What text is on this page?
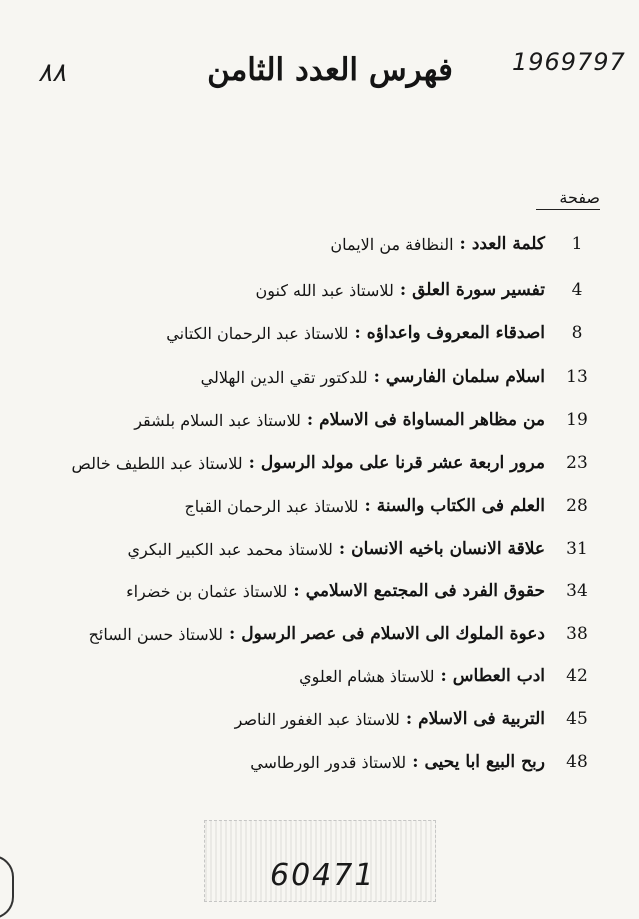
٨٨	1969 797
فهرس العدد الثامن
صفحة
1
كلمة العدد
:
النظافة من الايمان
4
تفسير سورة العلق
:
للاستاذ عبد الله كنون
8
اصدقاء المعروف واعداؤه
:
للاستاذ عبد الرحمان الكتاني
13
اسلام سلمان الفارسي
:
للدكتور تقي الدين الهلالي
19
من مظاهر المساواة فى الاسلام
:
للاستاذ عبد السلام بلشقر
23
مرور اربعة عشر قرنا على مولد الرسول
:
للاستاذ عبد اللطيف خالص
28
العلم فى الكتاب والسنة
:
للاستاذ عبد الرحمان القباج
31
علاقة الانسان باخيه الانسان
:
للاستاذ محمد عبد الكبير البكري
34
حقوق الفرد فى المجتمع الاسلامي
:
للاستاذ عثمان بن خضراء
38
دعوة الملوك الى الاسلام فى عصر الرسول
:
للاستاذ حسن السائح
42
ادب العطاس
:
للاستاذ هشام العلوي
45
التربية فى الاسلام
:
للاستاذ عبد الغفور الناصر
48
ربح البيع ابا يحيى
:
للاستاذ قدور الورطاسي
60471
